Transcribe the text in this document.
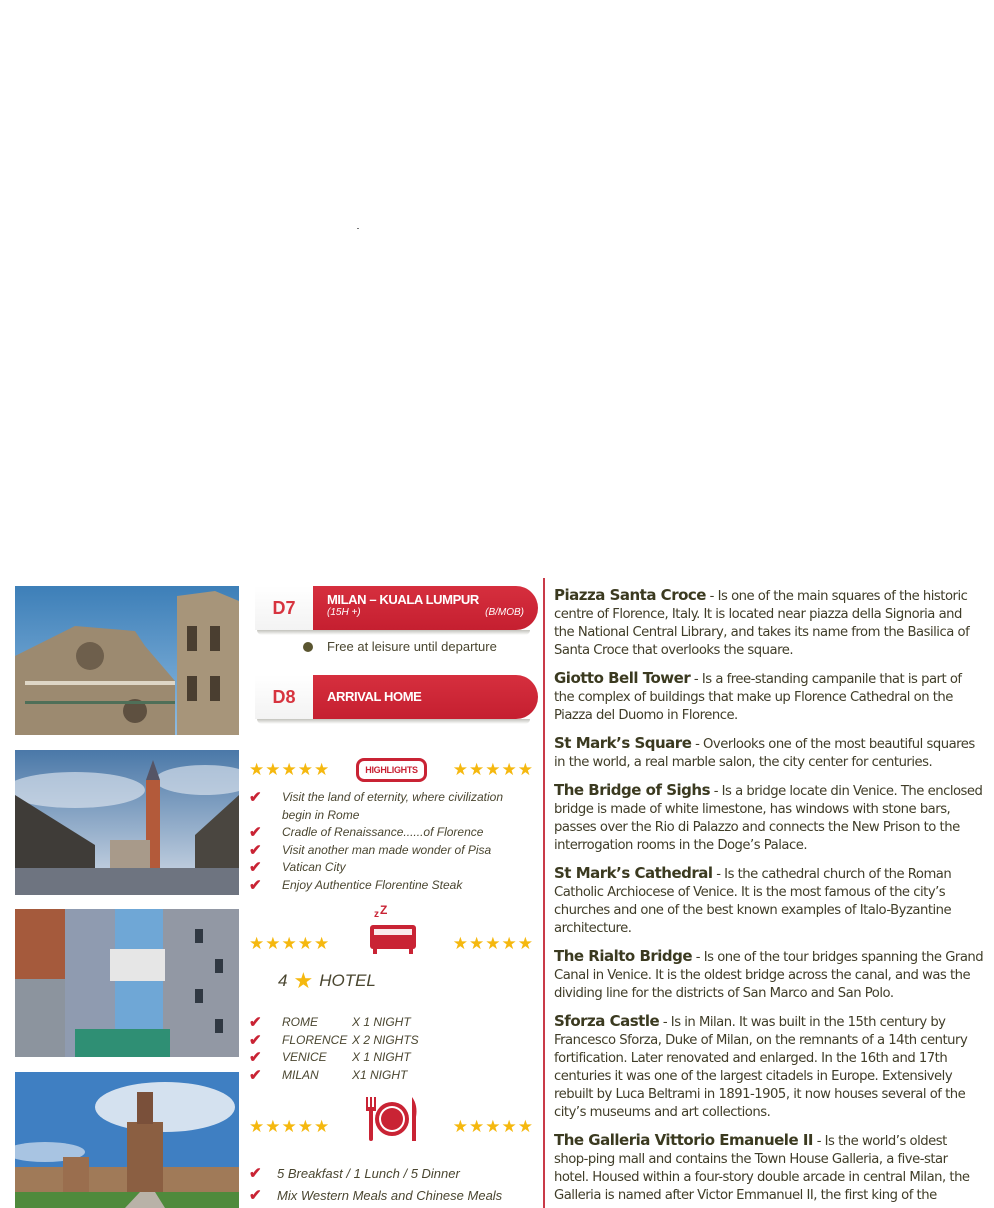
D7	MILAN – KUALA LUMPUR
(15H +)	(B/MOB)
Free at leisure until departure
D8	ARRIVAL HOME
★★★★★	HIGHLIGHTS	★★★★★
✔	Visit the land of eternity, where civilization begin in Rome
✔	Cradle of Renaissance......of Florence
✔	Visit another man made wonder of Pisa
✔	Vatican City
✔	Enjoy Authentice Florentine Steak
★★★★★
z Z
★★★★★
4 ★ HOTEL
✔	ROME	X 1 NIGHT
✔	FLORENCE X 2 NIGHTS
✔	VENICE	X 1 NIGHT
✔	MILAN	X1 NIGHT
★★★★★	★★★★★
✔	5 Breakfast / 1 Lunch / 5 Dinner
✔	Mix Western Meals and Chinese Meals

Piazza Santa Croce - Is one of the main squares of the historic centre of Florence, Italy. It is located near piazza della Signoria and the National Central Library, and takes its name from the Basilica of Santa Croce that overlooks the square.

Giotto Bell Tower - Is a free-standing campanile that is part of the complex of buildings that make up Florence Cathedral on the Piazza del Duomo in Florence.

St Mark’s Square - Overlooks one of the most beautiful squares in the world, a real marble salon, the city center for centuries.

The Bridge of Sighs - Is a bridge locate din Venice. The enclosed bridge is made of white limestone, has windows with stone bars, passes over the Rio di Palazzo and connects the New Prison to the interrogation rooms in the Doge’s Palace.

St Mark’s Cathedral - Is the cathedral church of the Roman Catholic Archiocese of Venice. It is the most famous of the city’s churches and one of the best known examples of Italo-Byzantine architecture.

The Rialto Bridge - Is one of the tour bridges spanning the Grand Canal in Venice. It is the oldest bridge across the canal, and was the dividing line for the districts of San Marco and San Polo.

Sforza Castle - Is in Milan. It was built in the 15th century by Francesco Sforza, Duke of Milan, on the remnants of a 14th century fortification. Later renovated and enlarged. In the 16th and 17th centuries it was one of the largest citadels in Europe. Extensively rebuilt by Luca Beltrami in 1891-1905, it now houses several of the city’s museums and art collections.

The Galleria Vittorio Emanuele II - Is the world’s oldest shop-ping mall and contains the Town House Galleria, a five-star hotel. Housed within a four-story double arcade in central Milan, the Galleria is named after Victor Emmanuel II, the first king of the
